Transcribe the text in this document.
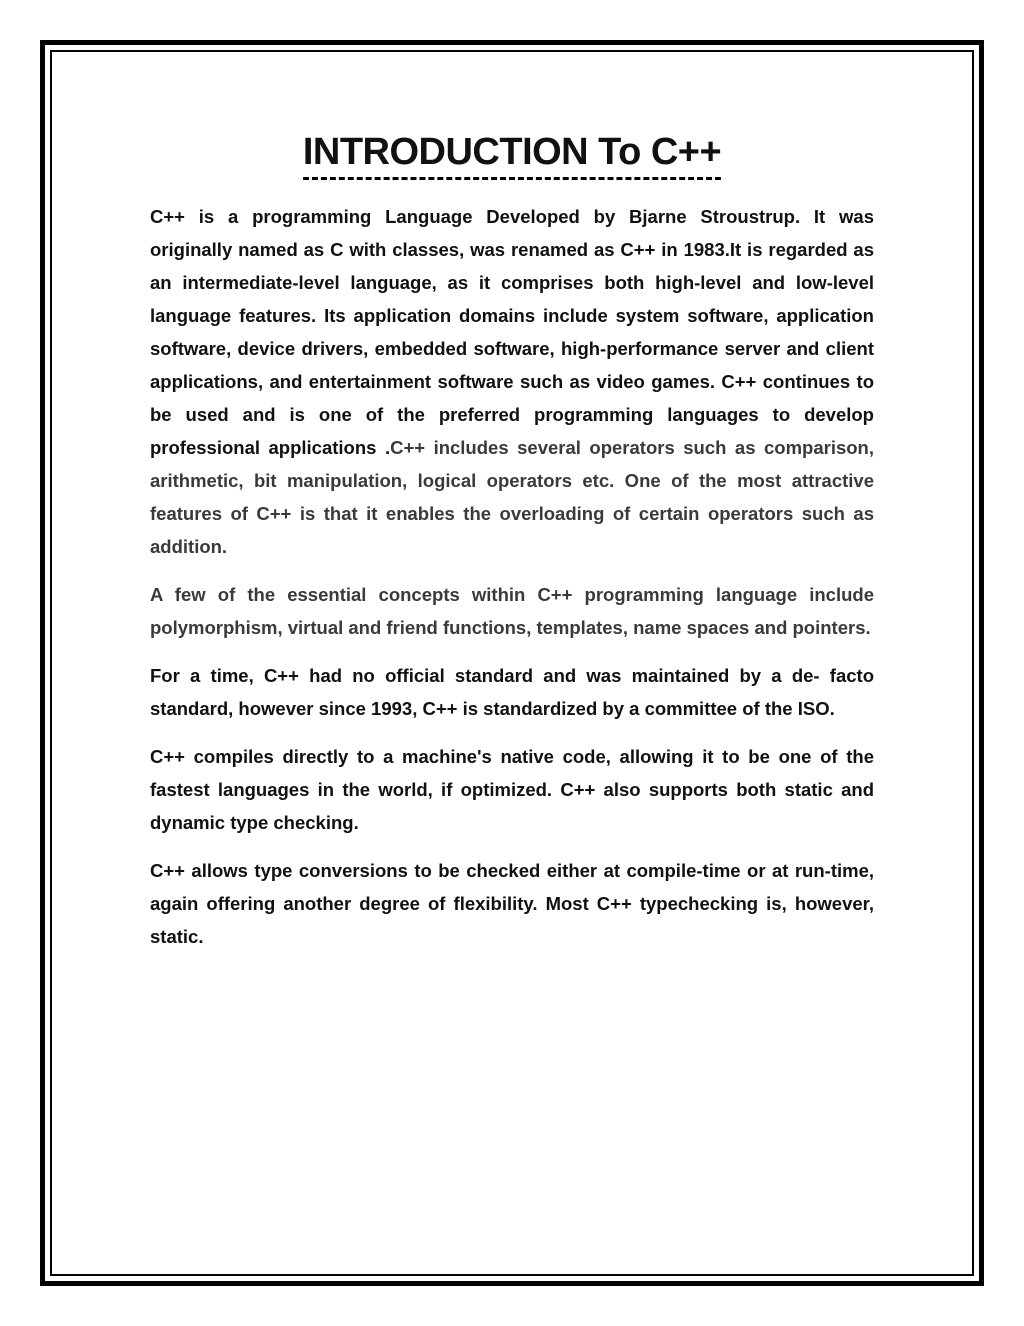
INTRODUCTION To C++

C++ is a programming Language Developed by Bjarne Stroustrup. It was originally named as C with classes, was renamed as C++ in 1983.It is regarded as an intermediate-level language, as it comprises both high-level and low-level language features. Its application domains include system software, application software, device drivers, embedded software, high-performance server and client applications, and entertainment software such as video games. C++ continues to be used and is one of the preferred programming languages to develop professional applications .C++ includes several operators such as comparison, arithmetic, bit manipulation, logical operators etc. One of the most attractive features of C++ is that it enables the overloading of certain operators such as addition.

A few of the essential concepts within C++ programming language include polymorphism, virtual and friend functions, templates, name spaces and pointers.

For a time, C++ had no official standard and was maintained by a de- facto standard, however since 1993, C++ is standardized by a committee of the ISO.

C++ compiles directly to a machine's native code, allowing it to be one of the fastest languages in the world, if optimized. C++ also supports both static and dynamic type checking.

C++ allows type conversions to be checked either at compile-time or at run-time, again offering another degree of flexibility. Most C++ typechecking is, however, static.
